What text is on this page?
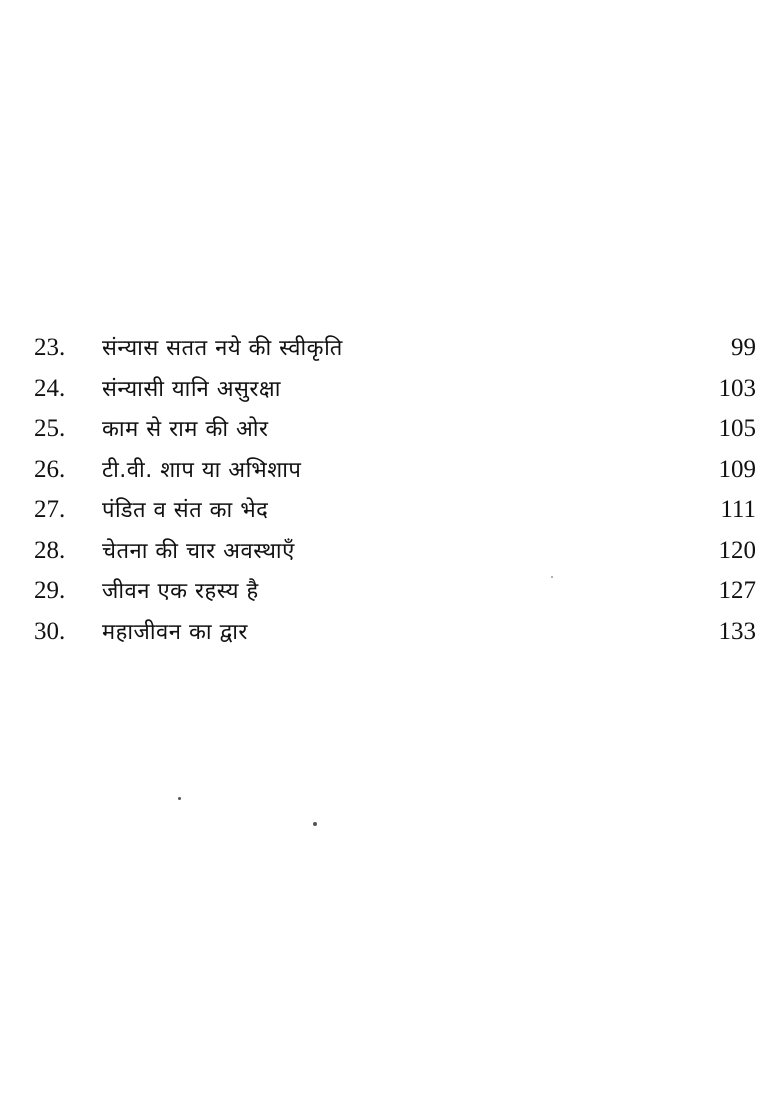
23.	संन्यास सतत नये की स्वीकृति	99
24.	संन्यासी यानि असुरक्षा	103
25.	काम से राम की ओर	105
26.	टी.वी. शाप या अभिशाप	109
27.	पंडित व संत का भेद	111
28.	चेतना की चार अवस्थाएँ	120
29.	जीवन एक रहस्य है	127
30.	महाजीवन का द्वार	133
